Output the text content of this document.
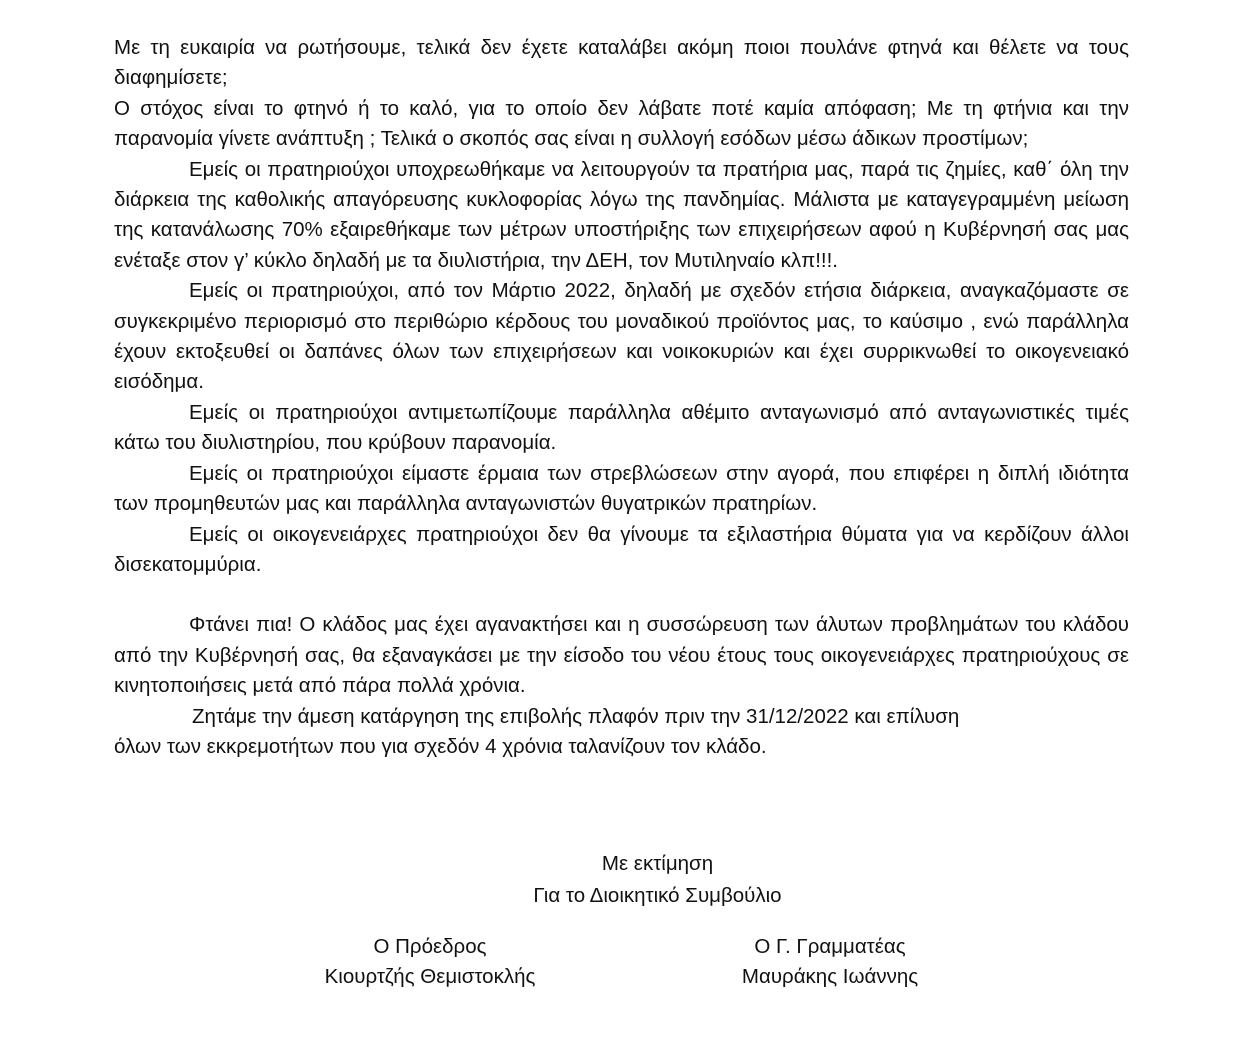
Με τη ευκαιρία να ρωτήσουμε, τελικά δεν έχετε καταλάβει ακόμη ποιοι πουλάνε φτηνά και θέλετε να τους διαφημίσετε;

Ο στόχος είναι το φτηνό ή το καλό, για το οποίο δεν λάβατε ποτέ καμία απόφαση; Με τη φτήνια και την παρανομία γίνετε ανάπτυξη ; Τελικά ο σκοπός σας είναι η συλλογή εσόδων μέσω άδικων προστίμων;

Εμείς οι πρατηριούχοι υποχρεωθήκαμε να λειτουργούν τα πρατήρια μας, παρά τις ζημίες, καθ΄ όλη την διάρκεια της καθολικής απαγόρευσης κυκλοφορίας λόγω της πανδημίας. Μάλιστα με καταγεγραμμένη μείωση της κατανάλωσης 70% εξαιρεθήκαμε των μέτρων υποστήριξης των επιχειρήσεων αφού η Κυβέρνησή σας μας ενέταξε στον γ’ κύκλο δηλαδή με τα διυλιστήρια, την ΔΕΗ, τον Μυτιληναίο κλπ!!!.

Εμείς οι πρατηριούχοι, από τον Μάρτιο 2022, δηλαδή με σχεδόν ετήσια διάρκεια, αναγκαζόμαστε σε συγκεκριμένο περιορισμό στο περιθώριο κέρδους του μοναδικού προϊόντος μας, το καύσιμο , ενώ παράλληλα έχουν εκτοξευθεί οι δαπάνες όλων των επιχειρήσεων και νοικοκυριών και έχει συρρικνωθεί το οικογενειακό εισόδημα.

Εμείς οι πρατηριούχοι αντιμετωπίζουμε παράλληλα αθέμιτο ανταγωνισμό από ανταγωνιστικές τιμές κάτω του διυλιστηρίου, που κρύβουν παρανομία.

Εμείς οι πρατηριούχοι είμαστε έρμαια των στρεβλώσεων στην αγορά, που επιφέρει η διπλή ιδιότητα των προμηθευτών μας και παράλληλα ανταγωνιστών θυγατρικών πρατηρίων.

Εμείς οι οικογενειάρχες πρατηριούχοι δεν θα γίνουμε τα εξιλαστήρια θύματα για να κερδίζουν άλλοι δισεκατομμύρια.

Φτάνει πια! Ο κλάδος μας έχει αγανακτήσει και η συσσώρευση των άλυτων προβλημάτων του κλάδου από την Κυβέρνησή σας, θα εξαναγκάσει με την είσοδο του νέου έτους τους οικογενειάρχες πρατηριούχους σε κινητοποιήσεις μετά από πάρα πολλά χρόνια.

Ζητάμε την άμεση κατάργηση της επιβολής πλαφόν πριν την 31/12/2022 και επίλυση

όλων των εκκρεμοτήτων που για σχεδόν 4 χρόνια ταλανίζουν τον κλάδο.

Με εκτίμηση
Για το Διοικητικό Συμβούλιο
Ο Πρόεδρος
Κιουρτζής Θεμιστοκλής
Ο Γ. Γραμματέας
Μαυράκης Ιωάννης
